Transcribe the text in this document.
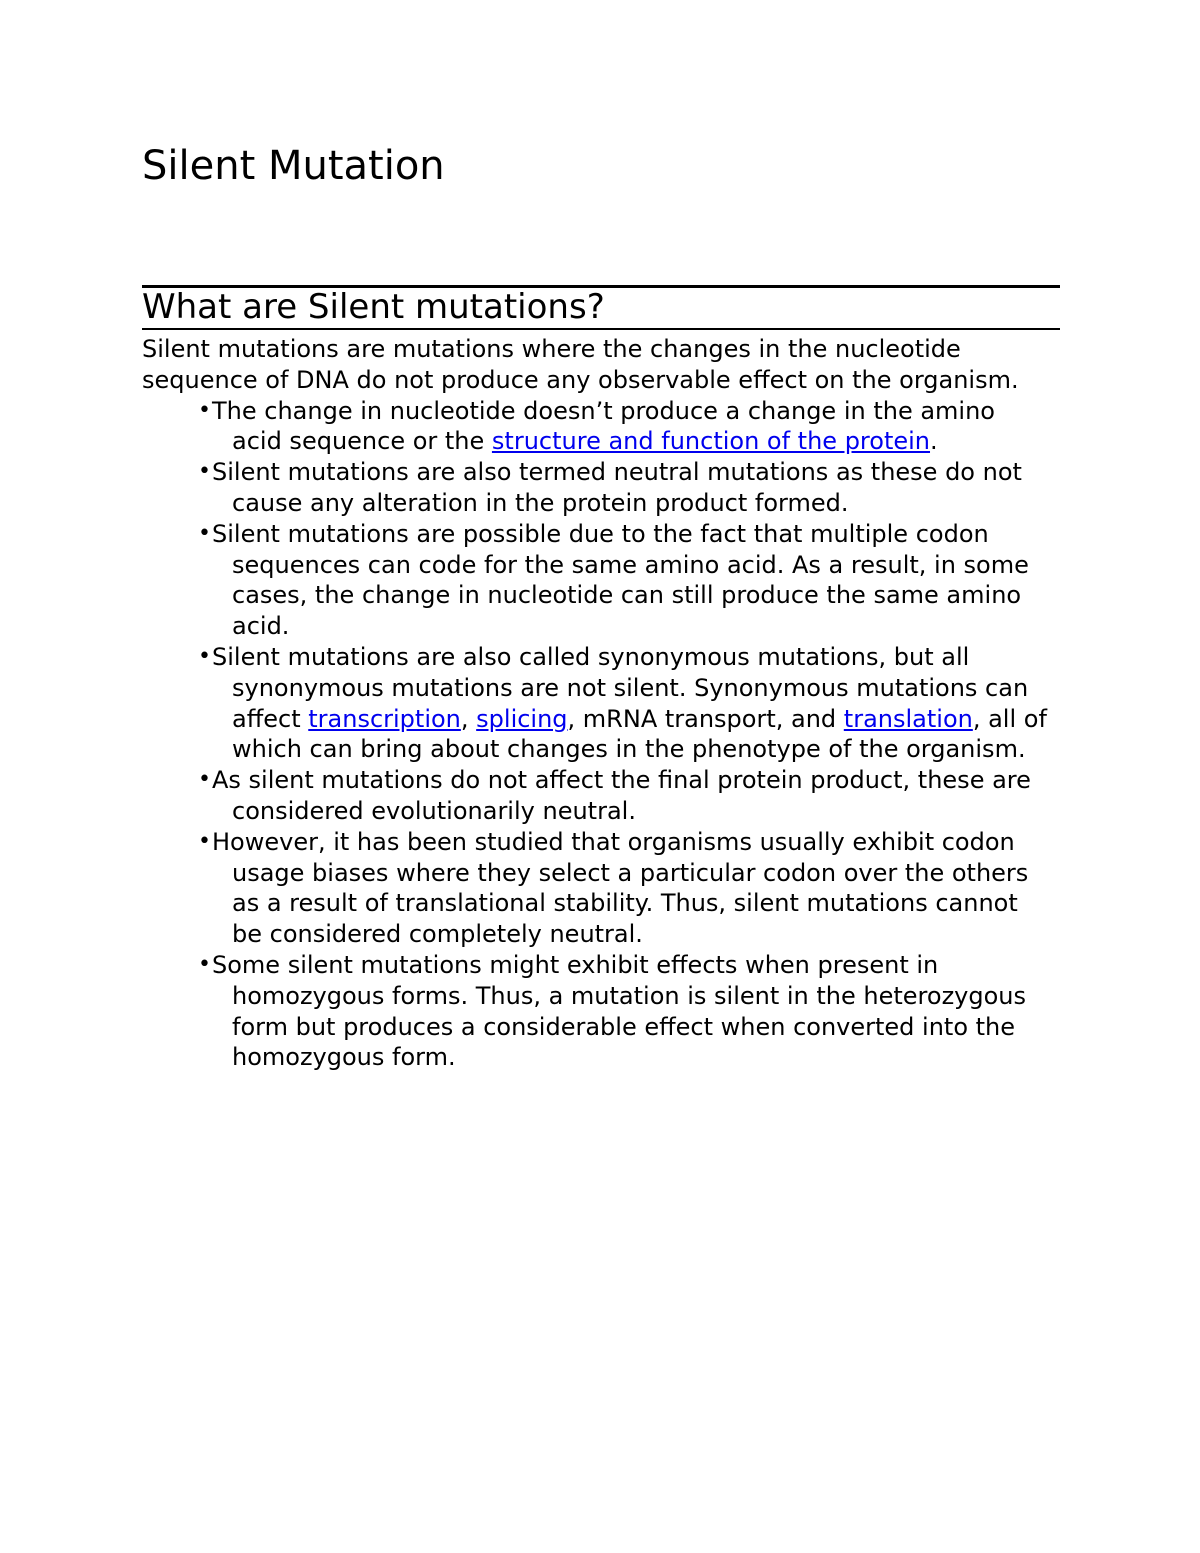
Silent Mutation
What are Silent mutations?

Silent mutations are mutations where the changes in the nucleotide sequence of DNA do not produce any observable effect on the organism.

• The change in nucleotide doesn’t produce a change in the amino acid sequence or the structure and function of the protein.
• Silent mutations are also termed neutral mutations as these do not cause any alteration in the protein product formed.
• Silent mutations are possible due to the fact that multiple codon sequences can code for the same amino acid. As a result, in some cases, the change in nucleotide can still produce the same amino acid.
• Silent mutations are also called synonymous mutations, but all synonymous mutations are not silent. Synonymous mutations can affect transcription, splicing, mRNA transport, and translation, all of which can bring about changes in the phenotype of the organism.
• As silent mutations do not affect the final protein product, these are considered evolutionarily neutral.
• However, it has been studied that organisms usually exhibit codon usage biases where they select a particular codon over the others as a result of translational stability. Thus, silent mutations cannot be considered completely neutral.
• Some silent mutations might exhibit effects when present in homozygous forms. Thus, a mutation is silent in the heterozygous form but produces a considerable effect when converted into the homozygous form.
